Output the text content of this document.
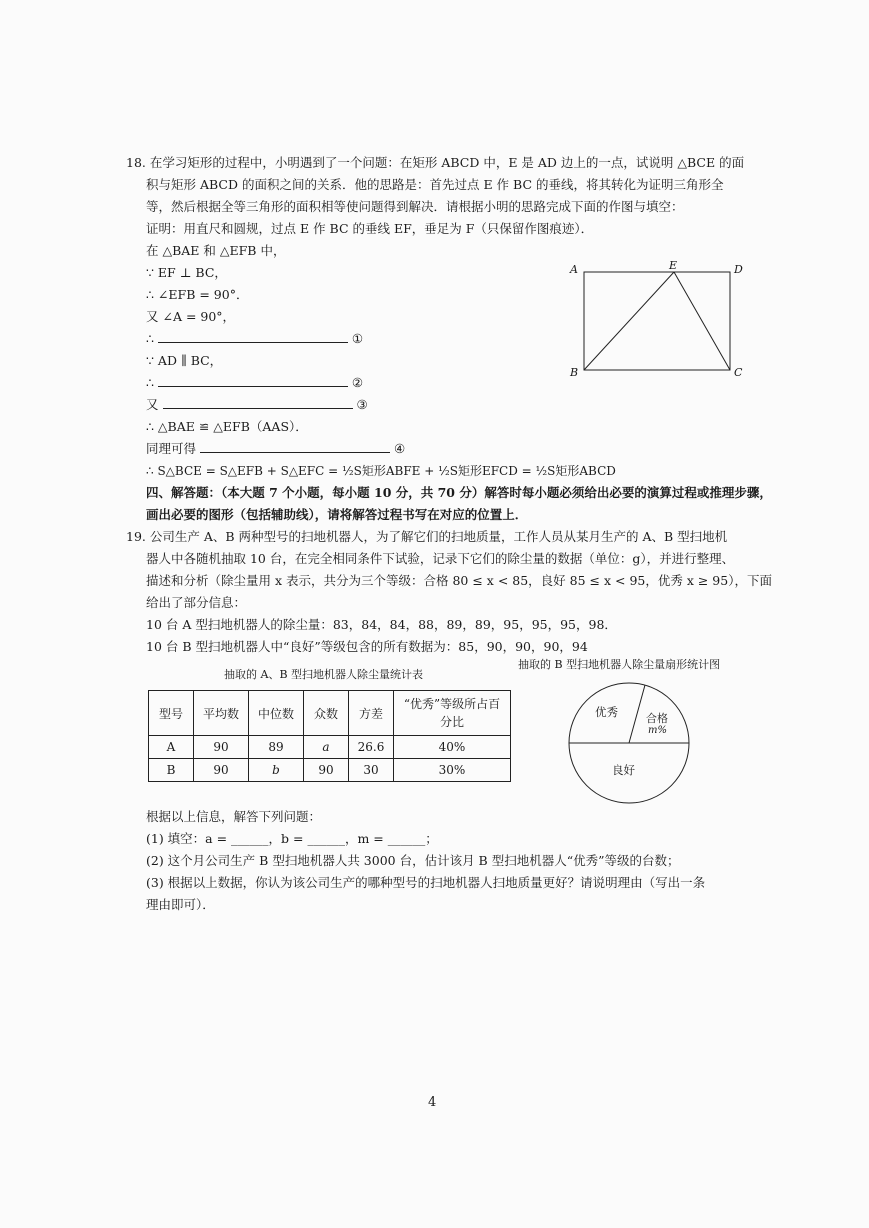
18. 在学习矩形的过程中，小明遇到了一个问题：在矩形 ABCD 中，E 是 AD 边上的一点，试说明 △BCE 的面
积与矩形 ABCD 的面积之间的关系．他的思路是：首先过点 E 作 BC 的垂线，将其转化为证明三角形全
等，然后根据全等三角形的面积相等使问题得到解决．请根据小明的思路完成下面的作图与填空：
证明：用直尺和圆规，过点 E 作 BC 的垂线 EF，垂足为 F（只保留作图痕迹）．
在 △BAE 和 △EFB 中，
∵ EF ⊥ BC，
∴ ∠EFB = 90°．
又 ∠A = 90°，
∴	①
∵ AD ∥ BC，
∴	②
又	③
∴ △BAE ≌ △EFB（AAS）．
同理可得	④
∴ S△BCE = S△EFB + S△EFC = ½S矩形ABFE + ½S矩形EFCD = ½S矩形ABCD
A	E	D
B	C
四、解答题：（本大题 7 个小题，每小题 10 分，共 70 分）解答时每小题必须给出必要的演算过程或推理步骤，
画出必要的图形（包括辅助线），请将解答过程书写在对应的位置上．
19. 公司生产 A、B 两种型号的扫地机器人，为了解它们的扫地质量，工作人员从某月生产的 A、B 型扫地机
器人中各随机抽取 10 台，在完全相同条件下试验，记录下它们的除尘量的数据（单位：g），并进行整理、
描述和分析（除尘量用 x 表示，共分为三个等级：合格 80 ≤ x < 85，良好 85 ≤ x < 95，优秀 x ≥ 95），下面
给出了部分信息：
10 台 A 型扫地机器人的除尘量：83，84，84，88，89，89，95，95，95，98．
10 台 B 型扫地机器人中“良好”等级包含的所有数据为：85，90，90，90，94
抽取的 A、B 型扫地机器人除尘量统计表
抽取的 B 型扫地机器人除尘量扇形统计图
型号	平均数	中位数	众数	方差	“优秀”等级所占百
分比

A	90	89	a	26.6	40%
B	90	b	90	30	30%
优秀	合格
m%
良好
根据以上信息，解答下列问题：
(1) 填空：a = ______，b = ______，m = ______；
(2) 这个月公司生产 B 型扫地机器人共 3000 台，估计该月 B 型扫地机器人“优秀”等级的台数；
(3) 根据以上数据，你认为该公司生产的哪种型号的扫地机器人扫地质量更好？请说明理由（写出一条
理由即可）．
4
